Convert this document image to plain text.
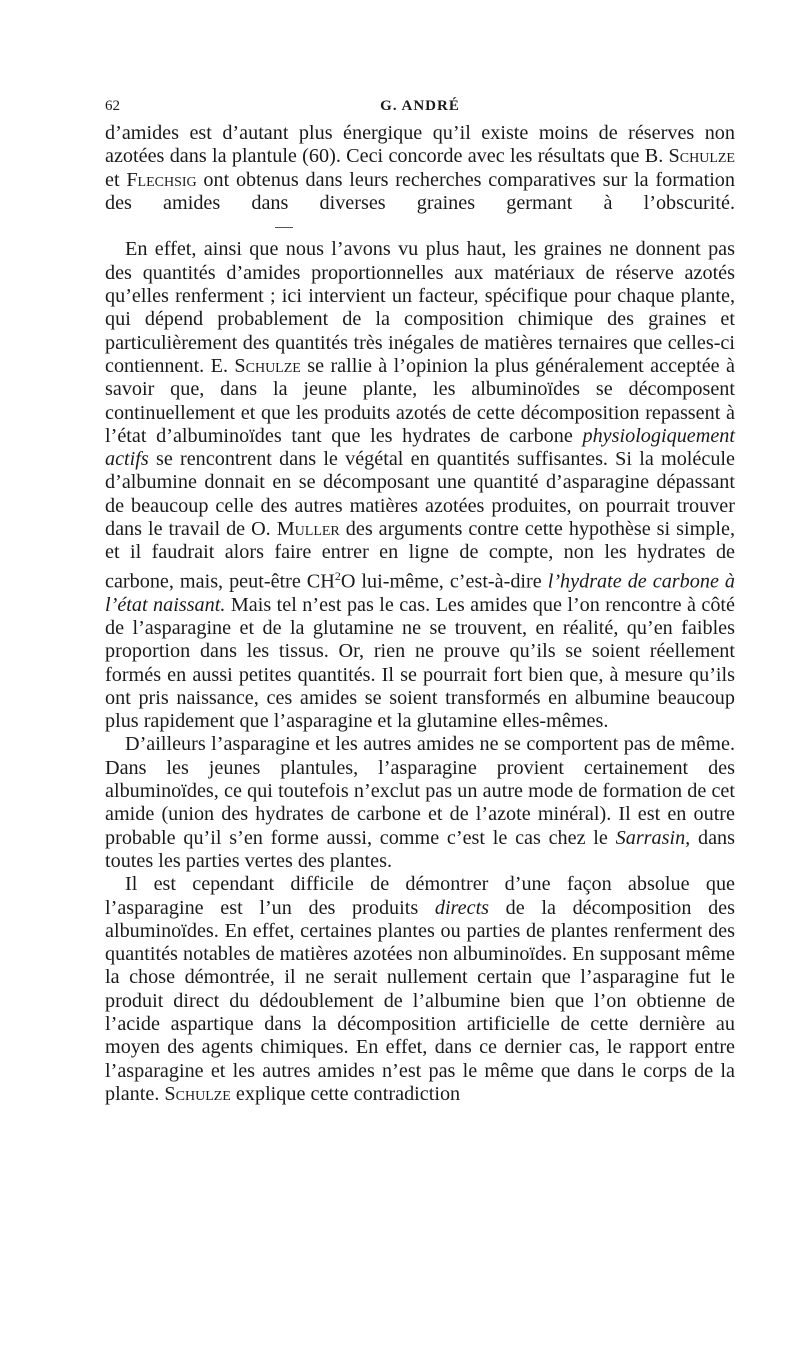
62	G. ANDRÉ

d’amides est d’autant plus énergique qu’il existe moins de réserves non azotées dans la plantule (60). Ceci concorde avec les résultats que B. Schulze et Flechsig ont obtenus dans leurs recherches comparatives sur la formation des amides dans diverses graines germant à l’obscurité.

En effet, ainsi que nous l’avons vu plus haut, les graines ne donnent pas des quantités d’amides proportionnelles aux matériaux de réserve azotés qu’elles renferment ; ici intervient un facteur, spécifique pour chaque plante, qui dépend probablement de la composition chimique des graines et particulièrement des quantités très inégales de matières ternaires que celles-ci contiennent. E. Schulze se rallie à l’opinion la plus généralement acceptée à savoir que, dans la jeune plante, les albuminoïdes se décomposent continuellement et que les produits azotés de cette décomposition repassent à l’état d’albuminoïdes tant que les hydrates de carbone physiologiquement actifs se rencontrent dans le végétal en quantités suffisantes. Si la molécule d’albumine donnait en se décomposant une quantité d’asparagine dépassant de beaucoup celle des autres matières azotées produites, on pourrait trouver dans le travail de O. Muller des arguments contre cette hypothèse si simple, et il faudrait alors faire entrer en ligne de compte, non les hydrates de carbone, mais, peut-être $CH^2O$ lui-même, c’est-à-dire l’hydrate de carbone à l’état naissant. Mais tel n’est pas le cas. Les amides que l’on rencontre à côté de l’asparagine et de la glutamine ne se trouvent, en réalité, qu’en faibles proportion dans les tissus. Or, rien ne prouve qu’ils se soient réellement formés en aussi petites quantités. Il se pourrait fort bien que, à mesure qu’ils ont pris naissance, ces amides se soient transformés en albumine beaucoup plus rapidement que l’asparagine et la glutamine elles-mêmes.

D’ailleurs l’asparagine et les autres amides ne se comportent pas de même. Dans les jeunes plantules, l’asparagine provient certainement des albuminoïdes, ce qui toutefois n’exclut pas un autre mode de formation de cet amide (union des hydrates de carbone et de l’azote minéral). Il est en outre probable qu’il s’en forme aussi, comme c’est le cas chez le Sarrasin, dans toutes les parties vertes des plantes.

Il est cependant difficile de démontrer d’une façon absolue que l’asparagine est l’un des produits directs de la décomposition des albuminoïdes. En effet, certaines plantes ou parties de plantes renferment des quantités notables de matières azotées non albuminoïdes. En supposant même la chose démontrée, il ne serait nullement certain que l’asparagine fut le produit direct du dédoublement de l’albumine bien que l’on obtienne de l’acide aspartique dans la décomposition artificielle de cette dernière au moyen des agents chimiques. En effet, dans ce dernier cas, le rapport entre l’asparagine et les autres amides n’est pas le même que dans le corps de la plante. Schulze explique cette contradiction
